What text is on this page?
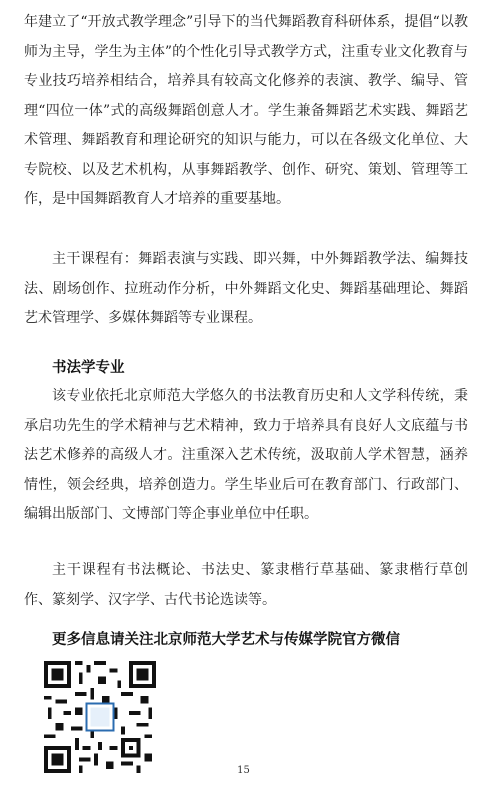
年建立了“开放式教学理念”引导下的当代舞蹈教育科研体系，提倡“以教师为主导，学生为主体”的个性化引导式教学方式，注重专业文化教育与专业技巧培养相结合，培养具有较高文化修养的表演、教学、编导、管理“四位一体”式的高级舞蹈创意人才。学生兼备舞蹈艺术实践、舞蹈艺术管理、舞蹈教育和理论研究的知识与能力，可以在各级文化单位、大专院校、以及艺术机构，从事舞蹈教学、创作、研究、策划、管理等工作，是中国舞蹈教育人才培养的重要基地。

主干课程有：舞蹈表演与实践、即兴舞，中外舞蹈教学法、编舞技法、剧场创作、拉班动作分析，中外舞蹈文化史、舞蹈基础理论、舞蹈艺术管理学、多媒体舞蹈等专业课程。

书法学专业

该专业依托北京师范大学悠久的书法教育历史和人文学科传统，秉承启功先生的学术精神与艺术精神，致力于培养具有良好人文底蕴与书法艺术修养的高级人才。注重深入艺术传统，汲取前人学术智慧，涵养情性，领会经典，培养创造力。学生毕业后可在教育部门、行政部门、编辑出版部门、文博部门等企事业单位中任职。

主干课程有书法概论、书法史、篆隶楷行草基础、篆隶楷行草创作、篆刻学、汉字学、古代书论选读等。

更多信息请关注北京师范大学艺术与传媒学院官方微信

15
